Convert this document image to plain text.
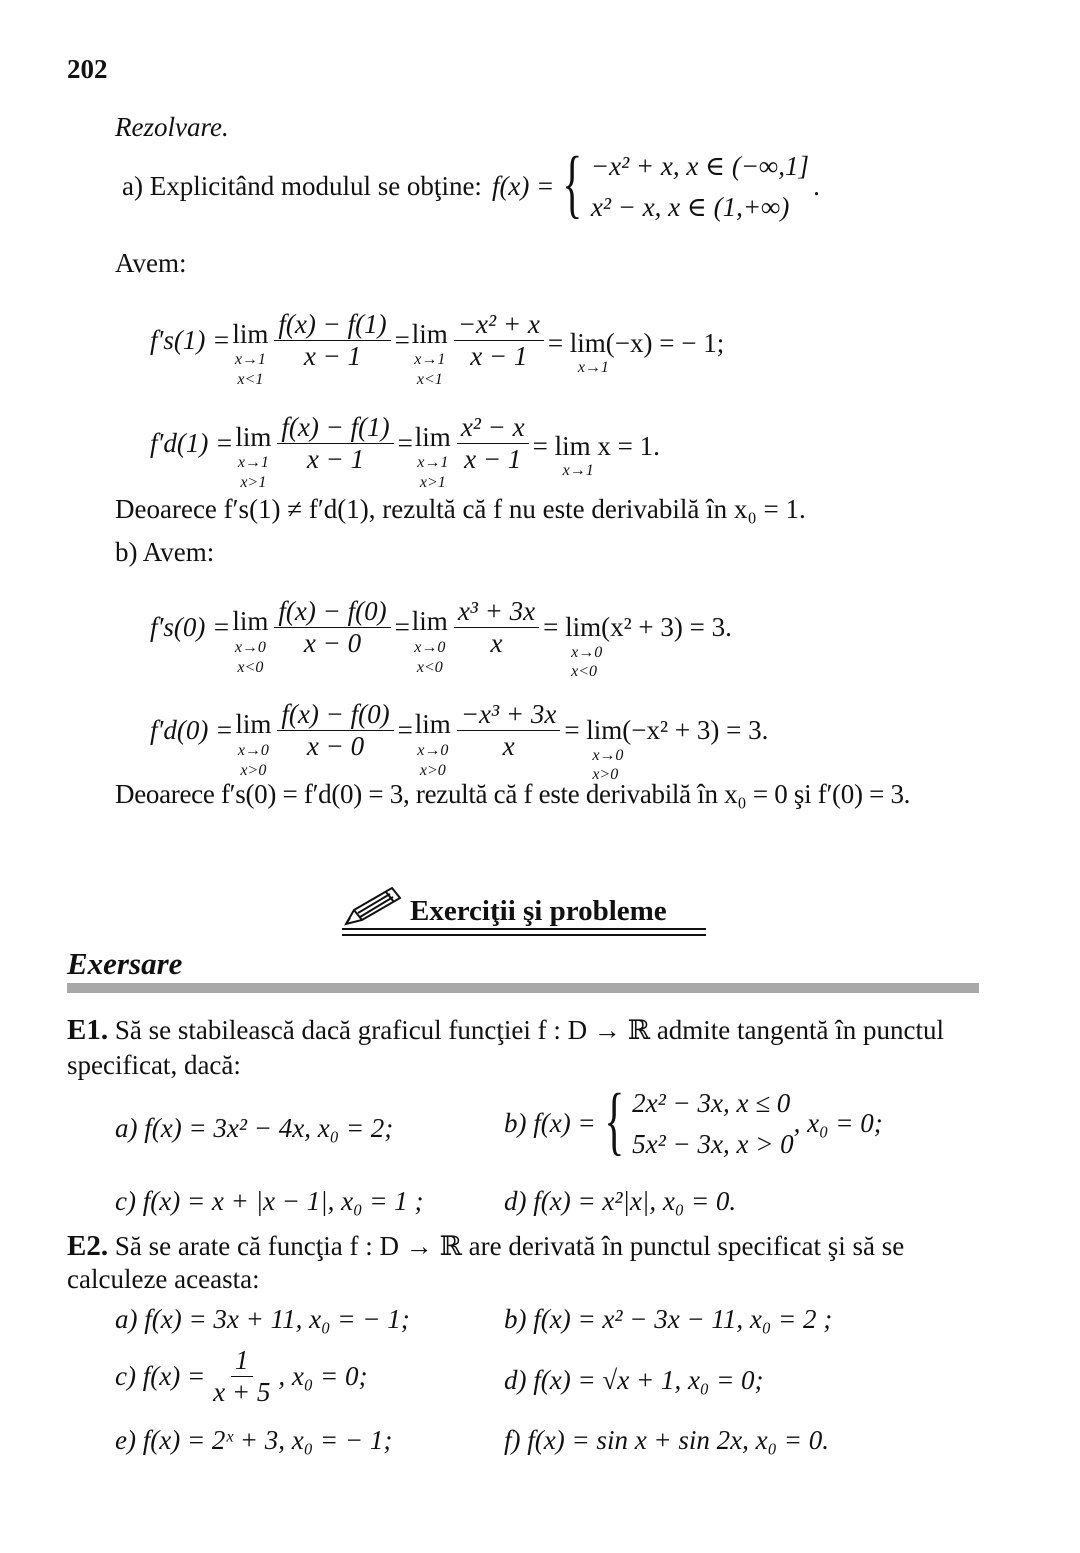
202
Rezolvare.
a) Explicitând modulul se obţine: f(x) = { −x² + x, x ∈ (−∞,1]
x² − x, x ∈ (1,+∞)
.
Avem:
f′s(1) = lim
x→1
x<1
$\frac{f(x) - f(1)}{x - 1} = \lim$
x→1
x<1
$\frac{\text{−x² + x}}{x - 1} = \lim(-x)$ = − 1;
x→1
f′d(1) = lim
x→1
x>1
$\frac{f(x) - f(1)}{x - 1} = \lim$
x→1
x>1
$\frac{\text{x² − x}}{x - 1} = \lim x = 1$.
x→1
Deoarece f′s(1) ≠ f′d(1), rezultă că f nu este derivabilă în x₀ = 1.
b) Avem:
f′s(0) = lim
x→0
x<0
$\frac{f(x) - f(0)}{x - 0} = \lim$
x→0
x<0
$\frac{\text{x³ + 3x}}{x} = \lim(x^2 + 3) = 3$.
x→0
x<0
f′d(0) = lim
x→0
x>0
$\frac{f(x) - f(0)}{x - 0} = \lim$
x→0
x>0
$\frac{\text{−x³ + 3x}}{x} = \lim(-x^2 + 3) = 3$.
x→0
x>0
Deoarece f′s(0) = f′d(0) = 3, rezultă că f este derivabilă în x₀ = 0 şi f′(0) = 3.
Exerciţii şi probleme
Exersare
E1. Să se stabilească dacă graficul funcţiei f : D → ℝ admite tangentă în punctul
specificat, dacă:
a) f(x) = 3x² − 4x, x₀ = 2;	b) f(x) = { 2x² − 3x, x ≤ 0
5x² − 3x, x > 0
, x₀ = 0;
c) f(x) = x + |x − 1|, x₀ = 1 ;	d) f(x) = x²|x|, x₀ = 0.
E2. Să se arate că funcţia f : D → ℝ are derivată în punctul specificat şi să se
calculeze aceasta:
a) f(x) = 3x + 11, x₀ = − 1;	b) f(x) = x² − 3x − 11, x₀ = 2 ;
c) $f(x) = \frac{1}{x + 5}$ , x₀ = 0;	d) f(x) = √x + 1, x₀ = 0;
e) f(x) = 2ˣ + 3, x₀ = − 1;	f) f(x) = sin x + sin 2x, x₀ = 0.
